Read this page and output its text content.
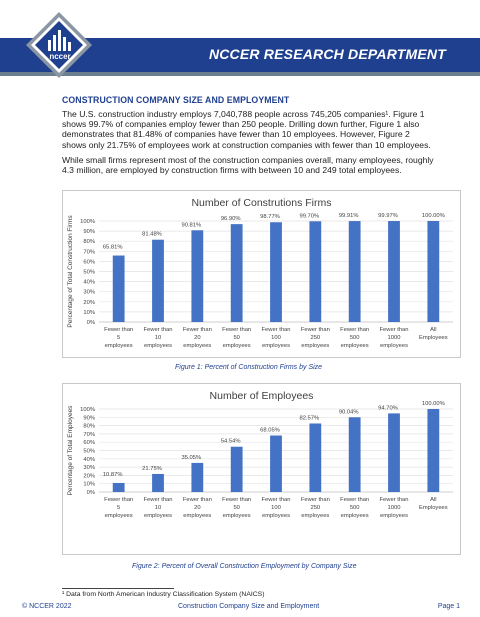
nccer	NCCER RESEARCH DEPARTMENT
CONSTRUCTION COMPANY SIZE AND EMPLOYMENT
The U.S. construction industry employs 7,040,788 people across 745,205 companies¹. Figure 1 shows 99.7% of companies employ fewer than 250 people. Drilling down further, Figure 1 also demonstrates that 81.48% of companies have fewer than 10 employees. However, Figure 2 shows only 21.75% of employees work at construction companies with fewer than 10 employees.
While small firms represent most of the construction companies overall, many employees, roughly 4.3 million, are employed by construction firms with between 10 and 249 total employees.
Number of Construtions Firms
Percentage of Total Construction Firms 0%
10%
20%
30%
40%
50%
60%
70%
80%
90%
100%
65.81%
Fewer than
5
employees
81.48%
Fewer than
10
employees
90.81%
Fewer than
20
employees
96.90%
Fewer than
50
employees
98.77%
Fewer than
100
employees
99.70%
Fewer than
250
employees
99.91%
Fewer than
500
employees
99.97%
Fewer than
1000
employees
100.00%
All
Employees
Figure 1: Percent of Construction Firms by Size
Number of Employees
Percentage of Total Employees 0%
10%
20%
30%
40%
50%
60%
70%
80%
90%
100%
10.87%
Fewer than
5
employees
21.75%
Fewer than
10
employees
35.05%
Fewer than
20
employees
54.54%
Fewer than
50
employees
68.05%
Fewer than
100
employees
82.57%
Fewer than
250
employees
90.04%
Fewer than
500
employees
94.70%
Fewer than
1000
employees
100.00%
All
Employees
Figure 2: Percent of Overall Construction Employment by Company Size
¹ Data from North American Industry Classification System (NAICS)
© NCCER 2022	Construction Company Size and Employment	Page 1
